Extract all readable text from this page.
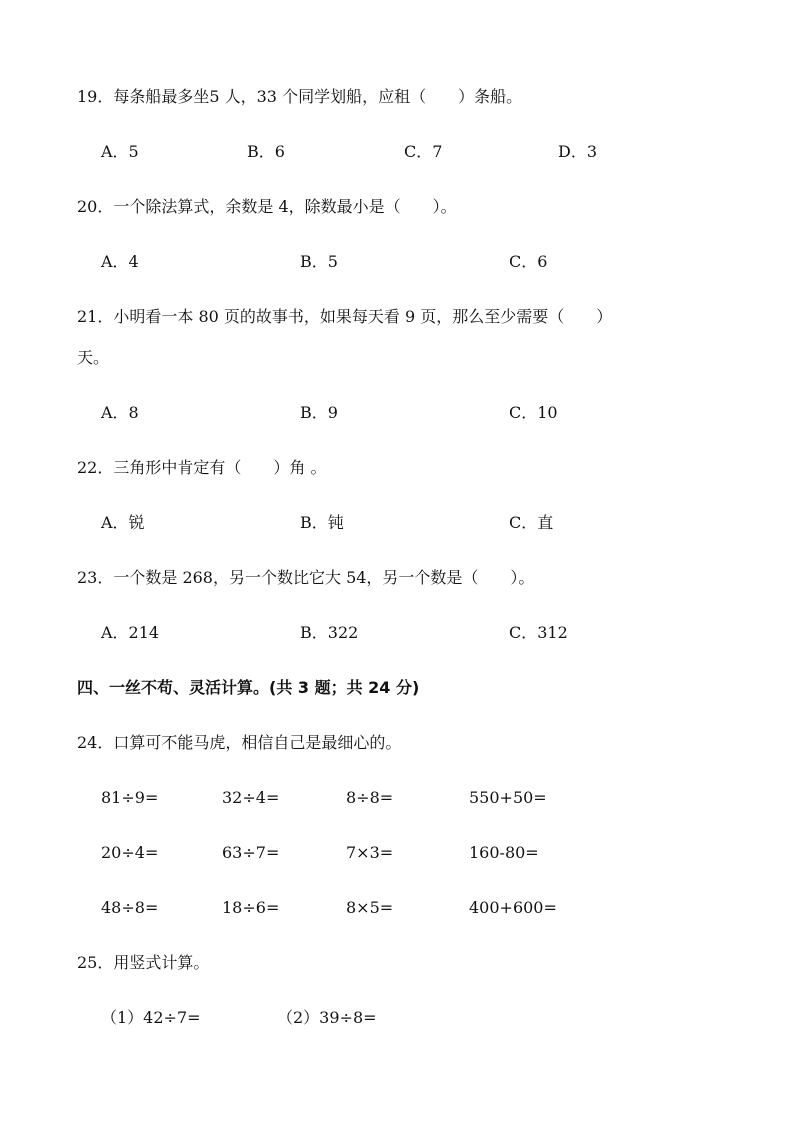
19．每条船最多坐5 人，33 个同学划船，应租（　　）条船。
A．5	B．6	C．7	D．3
20．一个除法算式，余数是 4，除数最小是（　　）。
A．4	B．5	C．6
21．小明看一本 80 页的故事书，如果每天看 9 页，那么至少需要（　　）
天。
A．8	B．9	C．10
22．三角形中肯定有（　　）角 。
A．锐	B．钝	C．直
23．一个数是 268，另一个数比它大 54，另一个数是（　　）。
A．214	B．322	C．312
四、一丝不苟、灵活计算。(共 3 题；共 24 分)
24．口算可不能马虎，相信自己是最细心的。
81÷9=	32÷4=	8÷8=	550+50=
20÷4=	63÷7=	7×3=	160-80=
48÷8=	18÷6=	8×5=	400+600=
25．用竖式计算。
（1）42÷7=	（2）39÷8=
